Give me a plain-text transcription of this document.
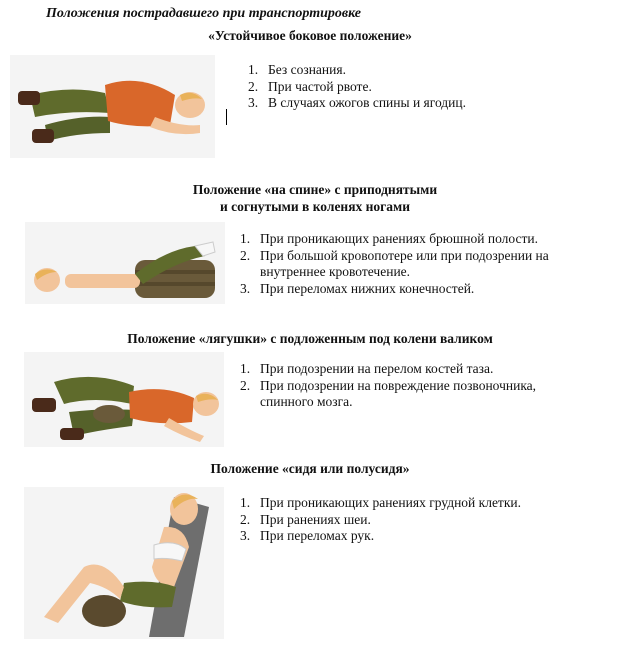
Положения пострадавшего при транспортировке
«Устойчивое боковое положение»
1. Без сознания.
2. При частой рвоте.
3. В случаях ожогов спины и ягодиц.
Положение «на спине» с приподнятыми
и согнутыми в коленях ногами
1. При проникающих ранениях брюшной полости.
2. При большой кровопотере или при подозрении на внутреннее кровотечение.
3. При переломах нижних конечностей.
Положение «лягушки» с подложенным под колени валиком
1. При подозрении на перелом костей таза.
2. При подозрении на повреждение позвоночника, спинного мозга.
Положение «сидя или полусидя»
1. При проникающих ранениях грудной клетки.
2. При ранениях шеи.
3. При переломах рук.
